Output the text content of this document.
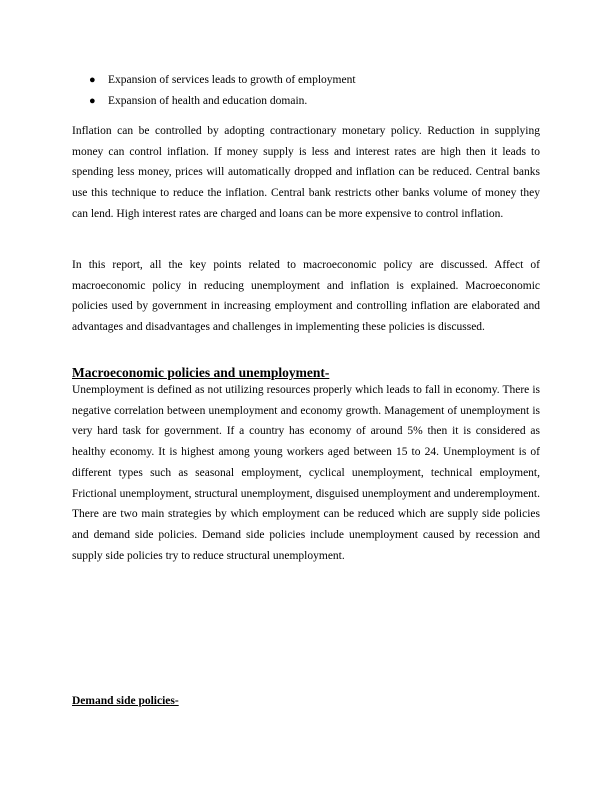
● Expansion of services leads to growth of employment
● Expansion of health and education domain.

Inflation can be controlled by adopting contractionary monetary policy. Reduction in supplying money can control inflation. If money supply is less and interest rates are high then it leads to spending less money, prices will automatically dropped and inflation can be reduced. Central banks use this technique to reduce the inflation. Central bank restricts other banks volume of money they can lend. High interest rates are charged and loans can be more expensive to control inflation.

In this report, all the key points related to macroeconomic policy are discussed. Affect of macroeconomic policy in reducing unemployment and inflation is explained. Macroeconomic policies used by government in increasing employment and controlling inflation are elaborated and advantages and disadvantages and challenges in implementing these policies is discussed.

Macroeconomic policies and unemployment-

Unemployment is defined as not utilizing resources properly which leads to fall in economy. There is negative correlation between unemployment and economy growth. Management of unemployment is very hard task for government. If a country has economy of around 5% then it is considered as healthy economy. It is highest among young workers aged between 15 to 24. Unemployment is of different types such as seasonal employment, cyclical unemployment, technical employment, Frictional unemployment, structural unemployment, disguised unemployment and underemployment. There are two main strategies by which employment can be reduced which are supply side policies and demand side policies. Demand side policies include unemployment caused by recession and supply side policies try to reduce structural unemployment.

Demand side policies-
